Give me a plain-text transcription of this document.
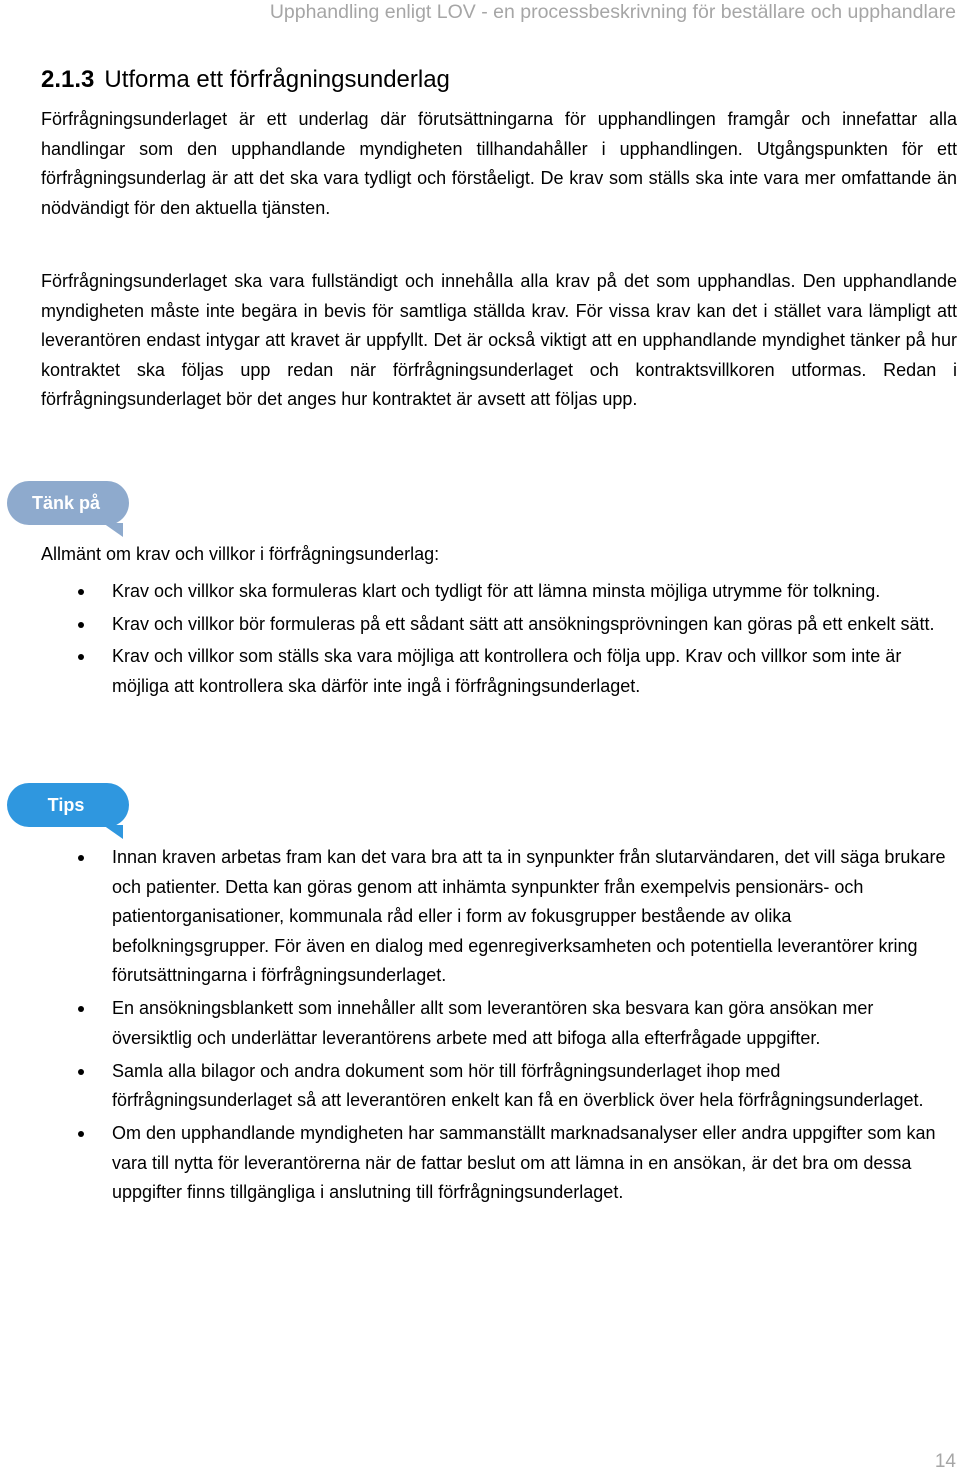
Upphandling enligt LOV - en processbeskrivning för beställare och upphandlare
2.1.3 Utforma ett förfrågningsunderlag

Förfrågningsunderlaget är ett underlag där förutsättningarna för upphandlingen framgår och innefattar alla handlingar som den upphandlande myndigheten tillhandahåller i upphandlingen. Utgångspunkten för ett förfrågningsunderlag är att det ska vara tydligt och förståeligt. De krav som ställs ska inte vara mer omfattande än nödvändigt för den aktuella tjänsten.

Förfrågningsunderlaget ska vara fullständigt och innehålla alla krav på det som upphandlas. Den upphandlande myndigheten måste inte begära in bevis för samtliga ställda krav. För vissa krav kan det i stället vara lämpligt att leverantören endast intygar att kravet är uppfyllt. Det är också viktigt att en upphandlande myndighet tänker på hur kontraktet ska följas upp redan när förfrågningsunderlaget och kontraktsvillkoren utformas. Redan i förfrågningsunderlaget bör det anges hur kontraktet är avsett att följas upp.

Tänk på

Allmänt om krav och villkor i förfrågningsunderlag:

Krav och villkor ska formuleras klart och tydligt för att lämna minsta möjliga utrymme för tolkning.
Krav och villkor bör formuleras på ett sådant sätt att ansökningsprövningen kan göras på ett enkelt sätt.
Krav och villkor som ställs ska vara möjliga att kontrollera och följa upp. Krav och villkor som inte är möjliga att kontrollera ska därför inte ingå i förfrågningsunderlaget.
Tips
Innan kraven arbetas fram kan det vara bra att ta in synpunkter från slutarvändaren, det vill säga brukare och patienter. Detta kan göras genom att inhämta synpunkter från exempelvis pensionärs- och patientorganisationer, kommunala råd eller i form av fokusgrupper bestående av olika befolkningsgrupper. För även en dialog med egenregiverksamheten och potentiella leverantörer kring förutsättningarna i förfrågningsunderlaget.
En ansökningsblankett som innehåller allt som leverantören ska besvara kan göra ansökan mer översiktlig och underlättar leverantörens arbete med att bifoga alla efterfrågade uppgifter.
Samla alla bilagor och andra dokument som hör till förfrågningsunderlaget ihop med förfrågningsunderlaget så att leverantören enkelt kan få en överblick över hela förfrågningsunderlaget.
Om den upphandlande myndigheten har sammanställt marknadsanalyser eller andra uppgifter som kan vara till nytta för leverantörerna när de fattar beslut om att lämna in en ansökan, är det bra om dessa uppgifter finns tillgängliga i anslutning till förfrågningsunderlaget.
14
